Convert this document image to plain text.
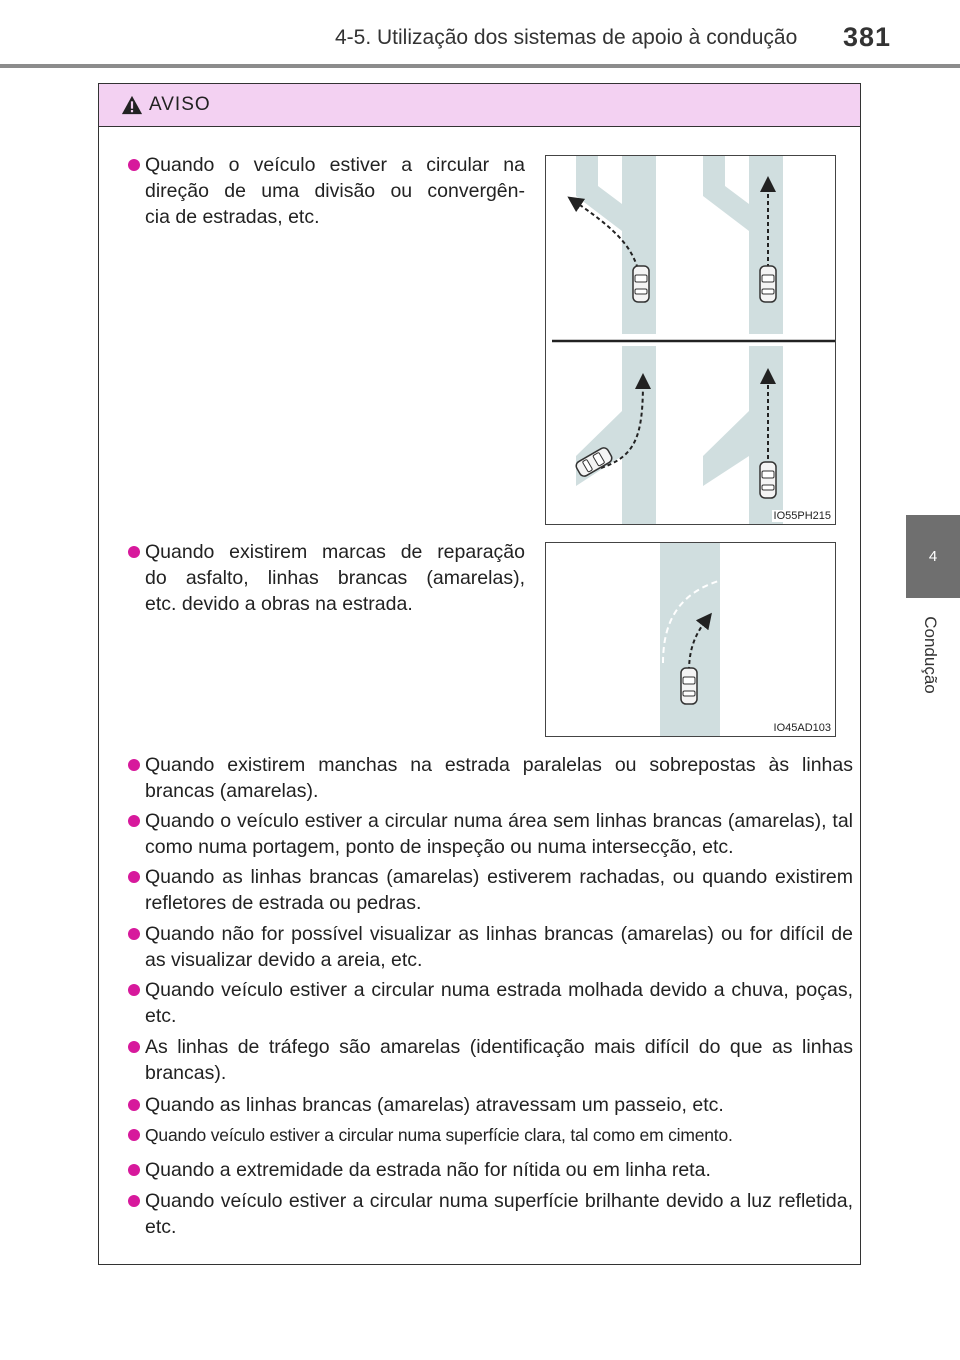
4-5. Utilização dos sistemas de apoio à condução 381
4
Condução
AVISO
Quando o veículo estiver a circular na
direção de uma divisão ou convergên-
cia de estradas, etc.
IO55PH215
Quando existirem marcas de reparação
do asfalto, linhas brancas (amarelas),
etc. devido a obras na estrada.
IO45AD103
Quando existirem manchas na estrada paralelas ou sobrepostas às linhas brancas (amarelas).
Quando o veículo estiver a circular numa área sem linhas brancas (amarelas), tal como numa portagem, ponto de inspeção ou numa intersecção, etc.
Quando as linhas brancas (amarelas) estiverem rachadas, ou quando existirem refletores de estrada ou pedras.
Quando não for possível visualizar as linhas brancas (amarelas) ou for difícil de as visualizar devido a areia, etc.
Quando veículo estiver a circular numa estrada molhada devido a chuva, poças, etc.
As linhas de tráfego são amarelas (identificação mais difícil do que as linhas brancas).
Quando as linhas brancas (amarelas) atravessam um passeio, etc.
Quando veículo estiver a circular numa superfície clara, tal como em cimento.
Quando a extremidade da estrada não for nítida ou em linha reta.
Quando veículo estiver a circular numa superfície brilhante devido a luz refletida, etc.
